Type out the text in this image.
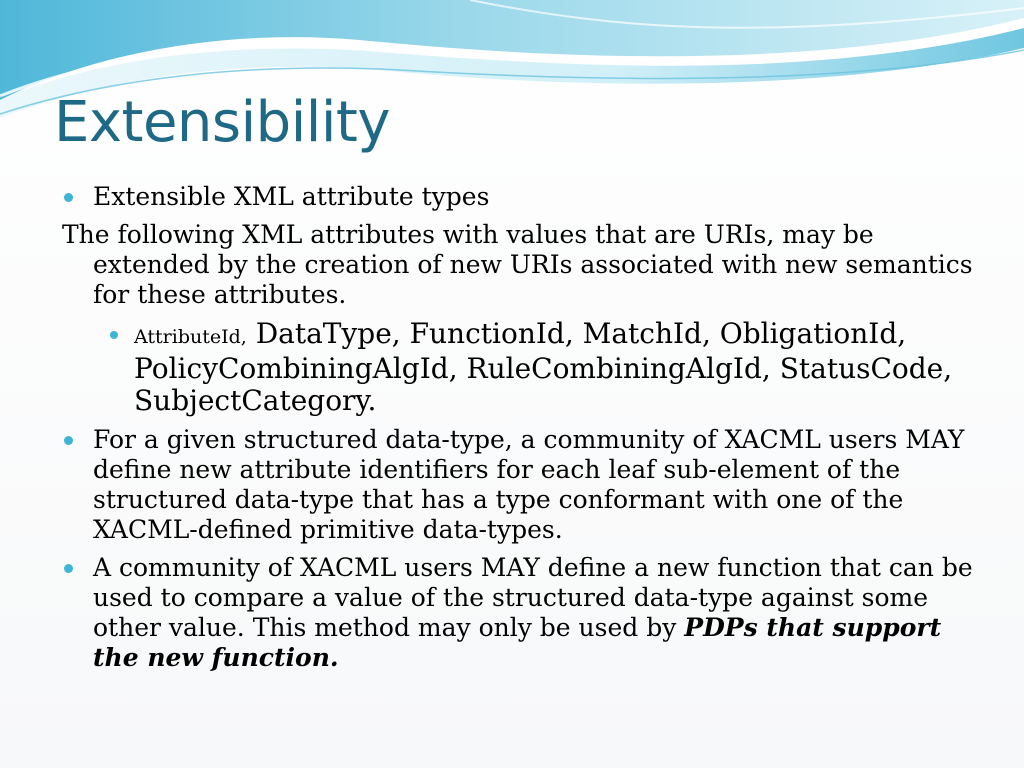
Extensibility
Extensible XML attribute types
The following XML attributes with values that are URIs, may be extended by the creation of new URIs associated with new semantics for these attributes.
AttributeId, DataType, FunctionId, MatchId, ObligationId, PolicyCombiningAlgId, RuleCombiningAlgId, StatusCode, SubjectCategory.
For a given structured data-type, a community of XACML users MAY define new attribute identifiers for each leaf sub-element of the structured data-type that has a type conformant with one of the XACML-defined primitive data-types.
A community of XACML users MAY define a new function that can be used to compare a value of the structured data-type against some other value. This method may only be used by PDPs that support the new function.
